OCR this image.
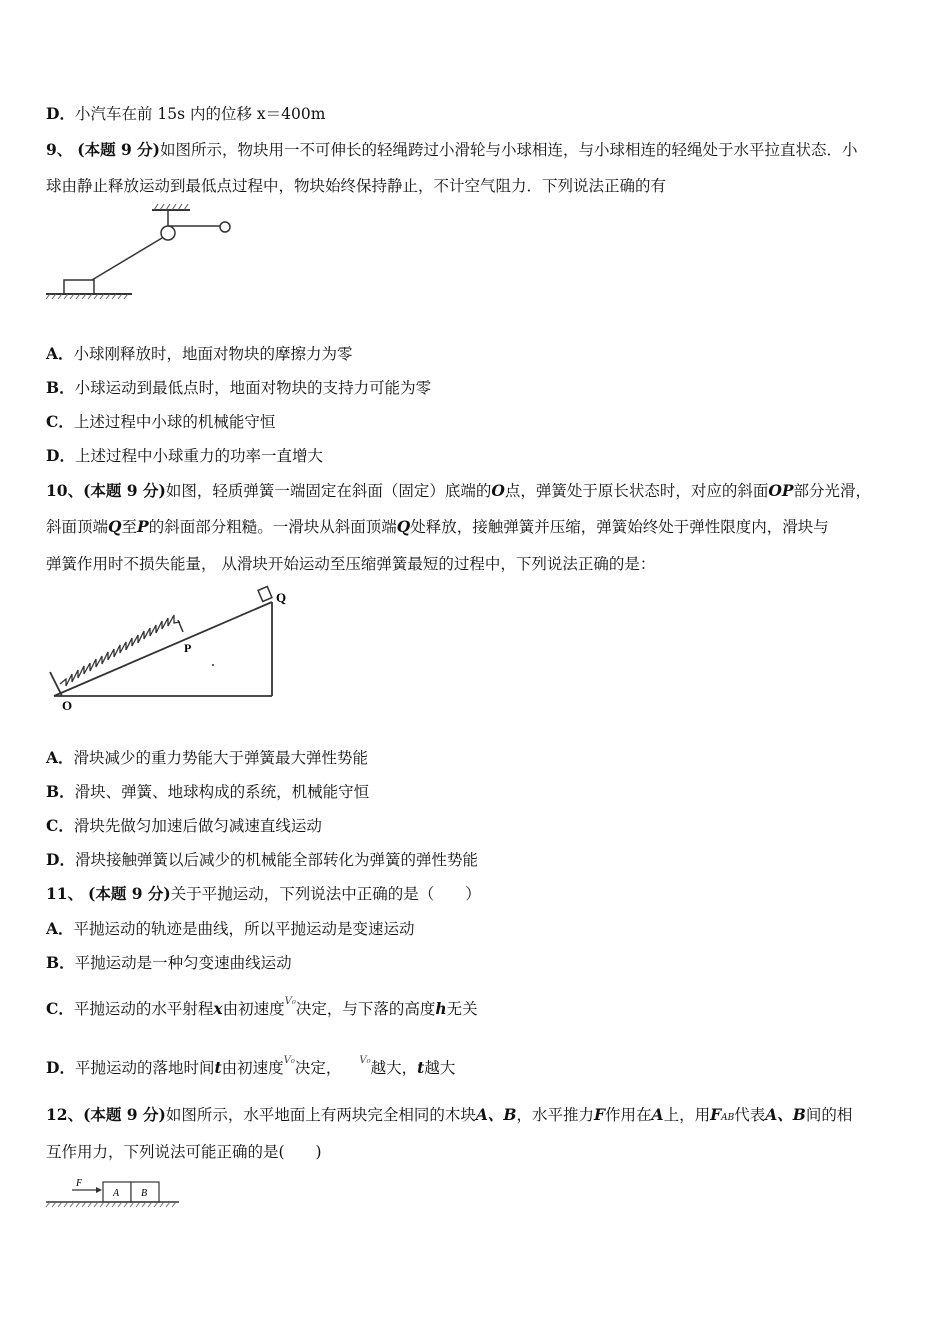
D．小汽车在前 15s 内的位移 x＝400m
9、 (本题 9 分)如图所示，物块用一不可伸长的轻绳跨过小滑轮与小球相连，与小球相连的轻绳处于水平拉直状态．小
球由静止释放运动到最低点过程中，物块始终保持静止，不计空气阻力．下列说法正确的有
A．小球刚释放时，地面对物块的摩擦力为零
B．小球运动到最低点时，地面对物块的支持力可能为零
C．上述过程中小球的机械能守恒
D．上述过程中小球重力的功率一直增大
10、(本题 9 分)如图，轻质弹簧一端固定在斜面（固定）底端的O点，弹簧处于原长状态时，对应的斜面OP部分光滑，
斜面顶端Q至P的斜面部分粗糙。一滑块从斜面顶端Q处释放，接触弹簧并压缩，弹簧始终处于弹性限度内，滑块与
弹簧作用时不损失能量， 从滑块开始运动至压缩弹簧最短的过程中，下列说法正确的是：
Q
P
O
A．滑块减少的重力势能大于弹簧最大弹性势能
B．滑块、弹簧、地球构成的系统，机械能守恒
C．滑块先做匀加速后做匀减速直线运动
D．滑块接触弹簧以后减少的机械能全部转化为弹簧的弹性势能
11、 (本题 9 分)关于平抛运动，下列说法中正确的是（　　）
A．平抛运动的轨迹是曲线，所以平抛运动是变速运动
B．平抛运动是一种匀变速曲线运动
C．平抛运动的水平射程x由初速度$^{V_0}$决定，与下落的高度h无关
D．平抛运动的落地时间t由初速度$^{V_0}$决定， $^{V_0}$越大，t越大
12、(本题 9 分)如图所示，水平地面上有两块完全相同的木块A、B，水平推力F作用在A上，用FAB代表A、B间的相
互作用力，下列说法可能正确的是(　　)
F
A B
